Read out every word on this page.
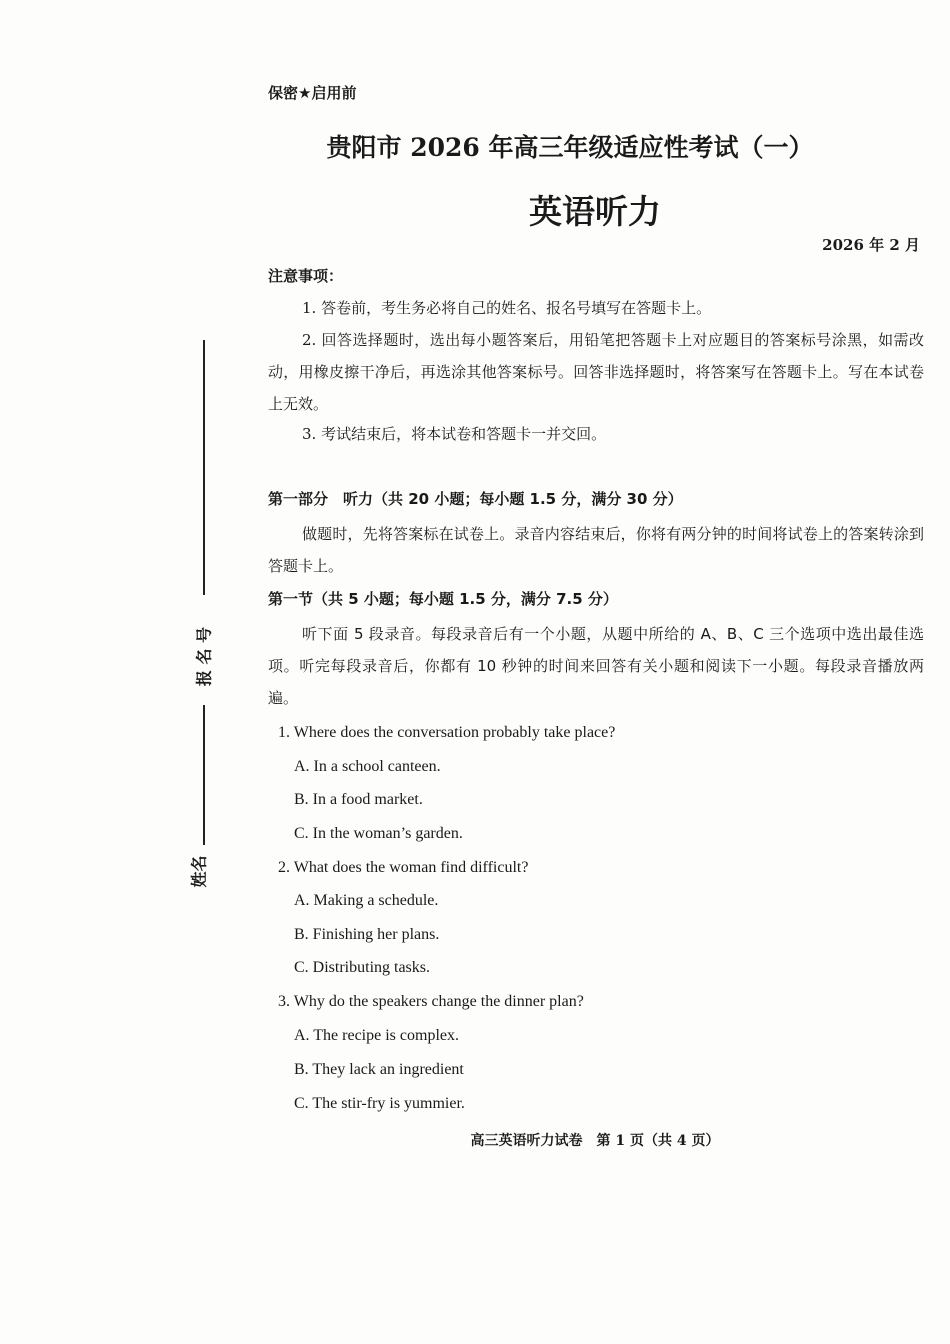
报 名 号
姓名
保密★启用前
贵阳市 2026 年高三年级适应性考试（一）
英语听力
2026 年 2 月
注意事项：
1. 答卷前，考生务必将自己的姓名、报名号填写在答题卡上。
2. 回答选择题时，选出每小题答案后，用铅笔把答题卡上对应题目的答案标号涂黑，如需改动，用橡皮擦干净后，再选涂其他答案标号。回答非选择题时，将答案写在答题卡上。写在本试卷上无效。
3. 考试结束后，将本试卷和答题卡一并交回。
第一部分　听力（共 20 小题；每小题 1.5 分，满分 30 分）
做题时，先将答案标在试卷上。录音内容结束后，你将有两分钟的时间将试卷上的答案转涂到答题卡上。
第一节（共 5 小题；每小题 1.5 分，满分 7.5 分）
听下面 5 段录音。每段录音后有一个小题，从题中所给的 A、B、C 三个选项中选出最佳选项。听完每段录音后，你都有 10 秒钟的时间来回答有关小题和阅读下一小题。每段录音播放两遍。
1. Where does the conversation probably take place?
A. In a school canteen.
B. In a food market.
C. In the woman’s garden.
2. What does the woman find difficult?
A. Making a schedule.
B. Finishing her plans.
C. Distributing tasks.
3. Why do the speakers change the dinner plan?
A. The recipe is complex.
B. They lack an ingredient
C. The stir-fry is yummier.
高三英语听力试卷　第 1 页（共 4 页）
